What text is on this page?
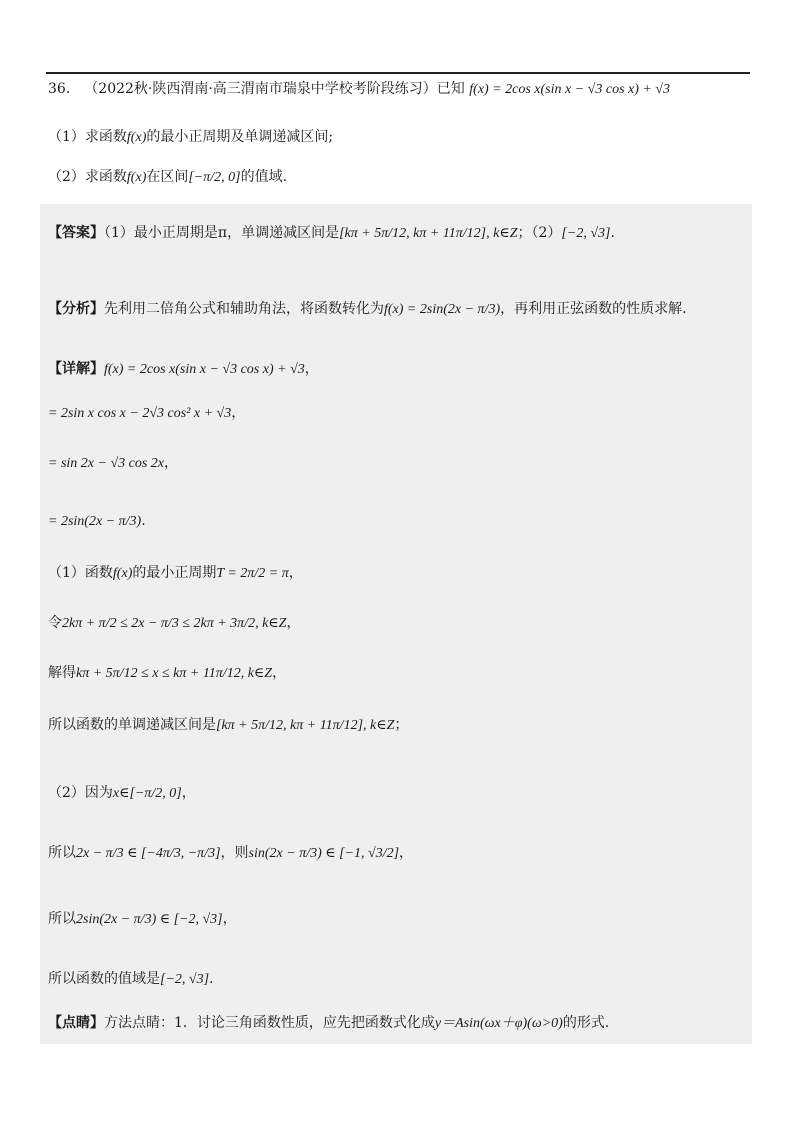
36． （2022秋·陕西渭南·高三渭南市瑞泉中学校考阶段练习）已知 f(x) = 2cos x(sin x − √3 cos x) + √3
（1）求函数f(x)的最小正周期及单调递减区间;
（2）求函数f(x)在区间[−π/2, 0]的值域.
【答案】（1）最小正周期是π，单调递减区间是[kπ + 5π/12, kπ + 11π/12], k∈Z；（2）[−2, √3].
【分析】先利用二倍角公式和辅助角法，将函数转化为f(x) = 2sin(2x − π/3)，再利用正弦函数的性质求解.
【详解】f(x) = 2cos x(sin x − √3 cos x) + √3，
= 2sin x cos x − 2√3 cos² x + √3，
= sin 2x − √3 cos 2x，
= 2sin(2x − π/3).
（1）函数f(x)的最小正周期T = 2π/2 = π，
令2kπ + π/2 ≤ 2x − π/3 ≤ 2kπ + 3π/2, k∈Z，
解得kπ + 5π/12 ≤ x ≤ kπ + 11π/12, k∈Z，
所以函数的单调递减区间是[kπ + 5π/12, kπ + 11π/12], k∈Z；
（2）因为x∈[−π/2, 0]，
所以2x − π/3 ∈ [−4π/3, −π/3]，则sin(2x − π/3) ∈ [−1, √3/2]，
所以2sin(2x − π/3) ∈ [−2, √3]，
所以函数的值域是[−2, √3].
【点睛】方法点睛：1．讨论三角函数性质，应先把函数式化成y＝Asin(ωx＋φ)(ω>0)的形式.
